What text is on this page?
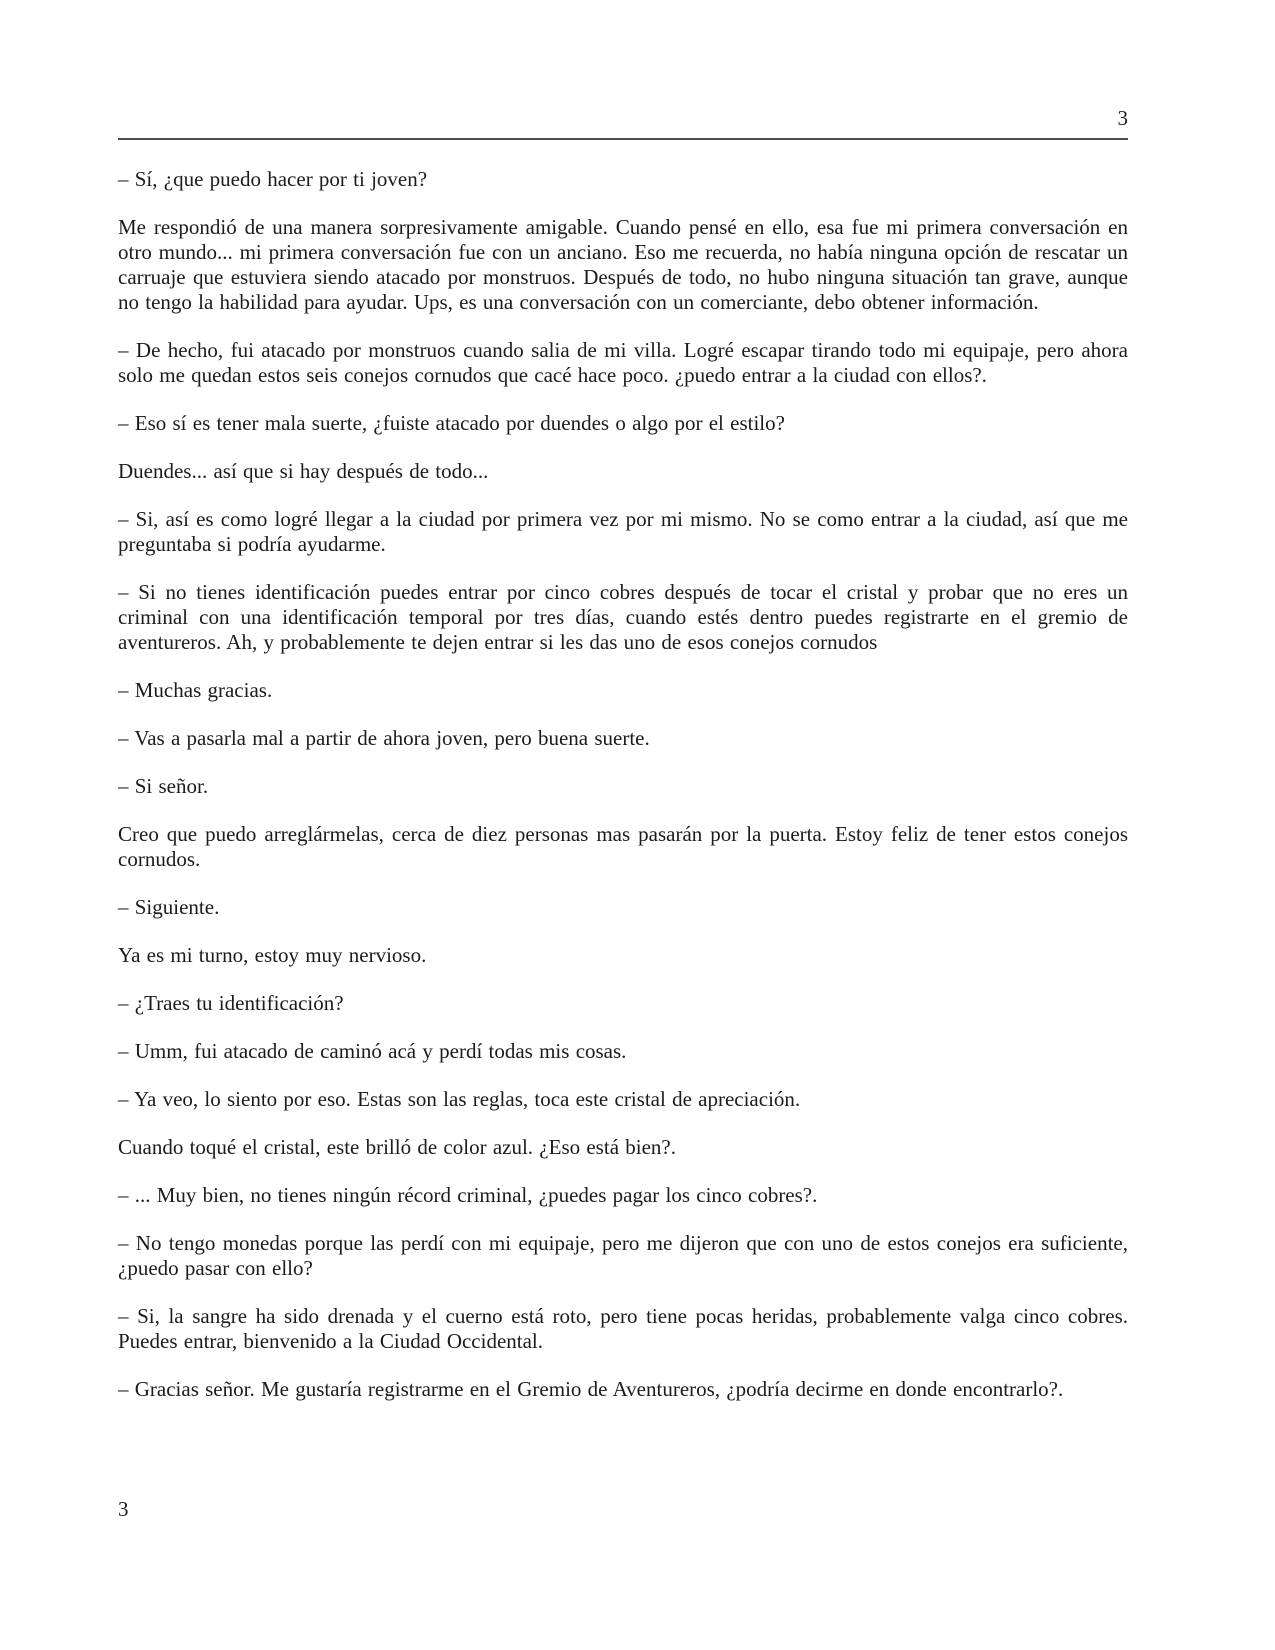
3

– Sí, ¿que puedo hacer por ti joven?

Me respondió de una manera sorpresivamente amigable. Cuando pensé en ello, esa fue mi primera conversación en otro mundo... mi primera conversación fue con un anciano. Eso me recuerda, no había ninguna opción de rescatar un carruaje que estuviera siendo atacado por monstruos. Después de todo, no hubo ninguna situación tan grave, aunque no tengo la habilidad para ayudar. Ups, es una conversación con un comerciante, debo obtener información.

– De hecho, fui atacado por monstruos cuando salia de mi villa. Logré escapar tirando todo mi equipaje, pero ahora solo me quedan estos seis conejos cornudos que cacé hace poco. ¿puedo entrar a la ciudad con ellos?.

– Eso sí es tener mala suerte, ¿fuiste atacado por duendes o algo por el estilo?

Duendes... así que si hay después de todo...

– Si, así es como logré llegar a la ciudad por primera vez por mi mismo. No se como entrar a la ciudad, así que me preguntaba si podría ayudarme.

– Si no tienes identificación puedes entrar por cinco cobres después de tocar el cristal y probar que no eres un criminal con una identificación temporal por tres días, cuando estés dentro puedes registrarte en el gremio de aventureros. Ah, y probablemente te dejen entrar si les das uno de esos conejos cornudos

– Muchas gracias.

– Vas a pasarla mal a partir de ahora joven, pero buena suerte.

– Si señor.

Creo que puedo arreglármelas, cerca de diez personas mas pasarán por la puerta. Estoy feliz de tener estos conejos cornudos.

– Siguiente.

Ya es mi turno, estoy muy nervioso.

– ¿Traes tu identificación?

– Umm, fui atacado de caminó acá y perdí todas mis cosas.

– Ya veo, lo siento por eso. Estas son las reglas, toca este cristal de apreciación.

Cuando toqué el cristal, este brilló de color azul. ¿Eso está bien?.

– ... Muy bien, no tienes ningún récord criminal, ¿puedes pagar los cinco cobres?.

– No tengo monedas porque las perdí con mi equipaje, pero me dijeron que con uno de estos conejos era suficiente, ¿puedo pasar con ello?

– Si, la sangre ha sido drenada y el cuerno está roto, pero tiene pocas heridas, probablemente valga cinco cobres. Puedes entrar, bienvenido a la Ciudad Occidental.

– Gracias señor. Me gustaría registrarme en el Gremio de Aventureros, ¿podría decirme en donde encontrarlo?.

3
